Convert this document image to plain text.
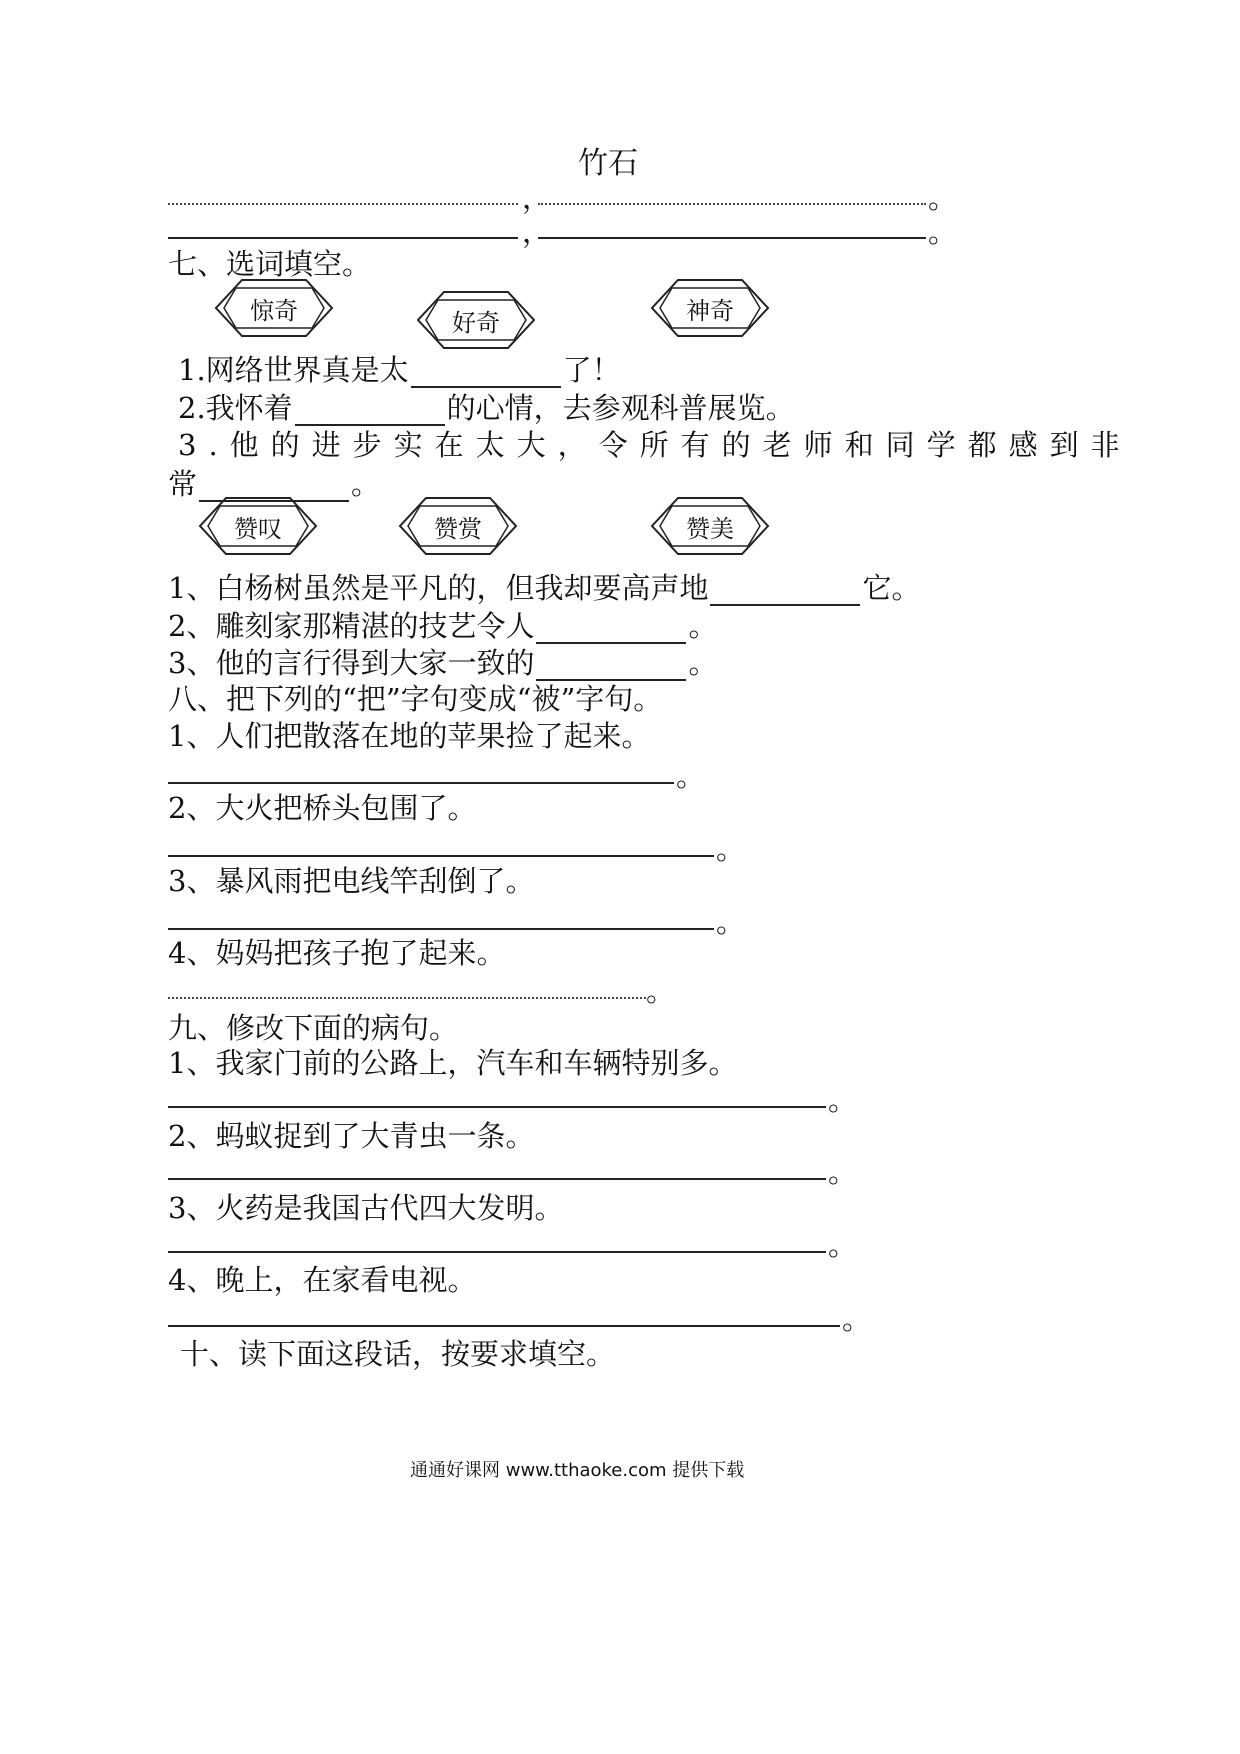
竹石
，	。
，	。
七、选词填空。
惊奇	好奇	神奇
1.网络世界真是太	了！
2.我怀着	的心情，去参观科普展览。
3.他的进步实在太大，令所有的老师和同学都感到非
常	。
赞叹	赞赏	赞美
1、白杨树虽然是平凡的，但我却要高声地	它。
2、雕刻家那精湛的技艺令人	。
3、他的言行得到大家一致的	。
八、把下列的“把”字句变成“被”字句。
1、人们把散落在地的苹果捡了起来。
。
2、大火把桥头包围了。
。
3、暴风雨把电线竿刮倒了。
。
4、妈妈把孩子抱了起来。
。
九、修改下面的病句。
1、我家门前的公路上，汽车和车辆特别多。
。
2、蚂蚁捉到了大青虫一条。
。
3、火药是我国古代四大发明。
。
4、晚上，在家看电视。
。
十、读下面这段话，按要求填空。
通通好课网 www.tthaoke.com 提供下载
